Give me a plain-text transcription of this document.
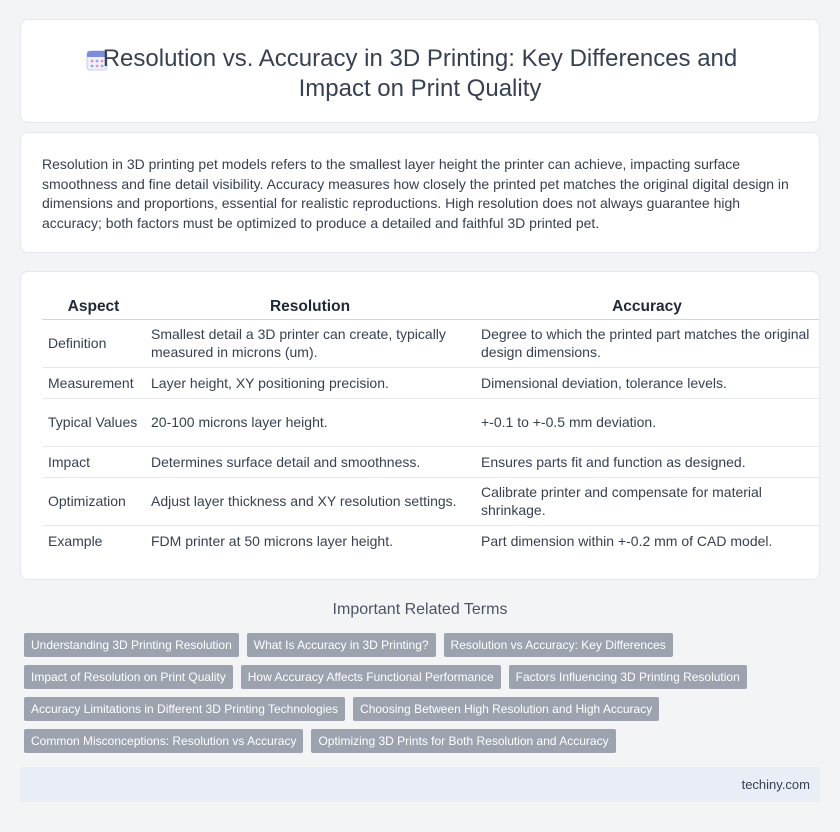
Resolution vs. Accuracy in 3D Printing: Key Differences and
Impact on Print Quality

Resolution in 3D printing pet models refers to the smallest layer height the printer can achieve, impacting surface smoothness and fine detail visibility. Accuracy measures how closely the printed pet matches the original digital design in dimensions and proportions, essential for realistic reproductions. High resolution does not always guarantee high accuracy; both factors must be optimized to produce a detailed and faithful 3D printed pet.

Aspect	Resolution	Accuracy
Definition	Smallest detail a 3D printer can create, typically measured in microns (um).	Degree to which the printed part matches the original design dimensions.
Measurement	Layer height, XY positioning precision.	Dimensional deviation, tolerance levels.
Typical Values	20-100 microns layer height.	+-0.1 to +-0.5 mm deviation.
Impact	Determines surface detail and smoothness.	Ensures parts fit and function as designed.
Optimization	Adjust layer thickness and XY resolution settings.	Calibrate printer and compensate for material shrinkage.
Example	FDM printer at 50 microns layer height.	Part dimension within +-0.2 mm of CAD model.
Important Related Terms
Understanding 3D Printing Resolution	What Is Accuracy in 3D Printing?	Resolution vs Accuracy: Key Differences
Impact of Resolution on Print Quality	How Accuracy Affects Functional Performance	Factors Influencing 3D Printing Resolution
Accuracy Limitations in Different 3D Printing Technologies	Choosing Between High Resolution and High Accuracy
Common Misconceptions: Resolution vs Accuracy	Optimizing 3D Prints for Both Resolution and Accuracy
techiny.com
